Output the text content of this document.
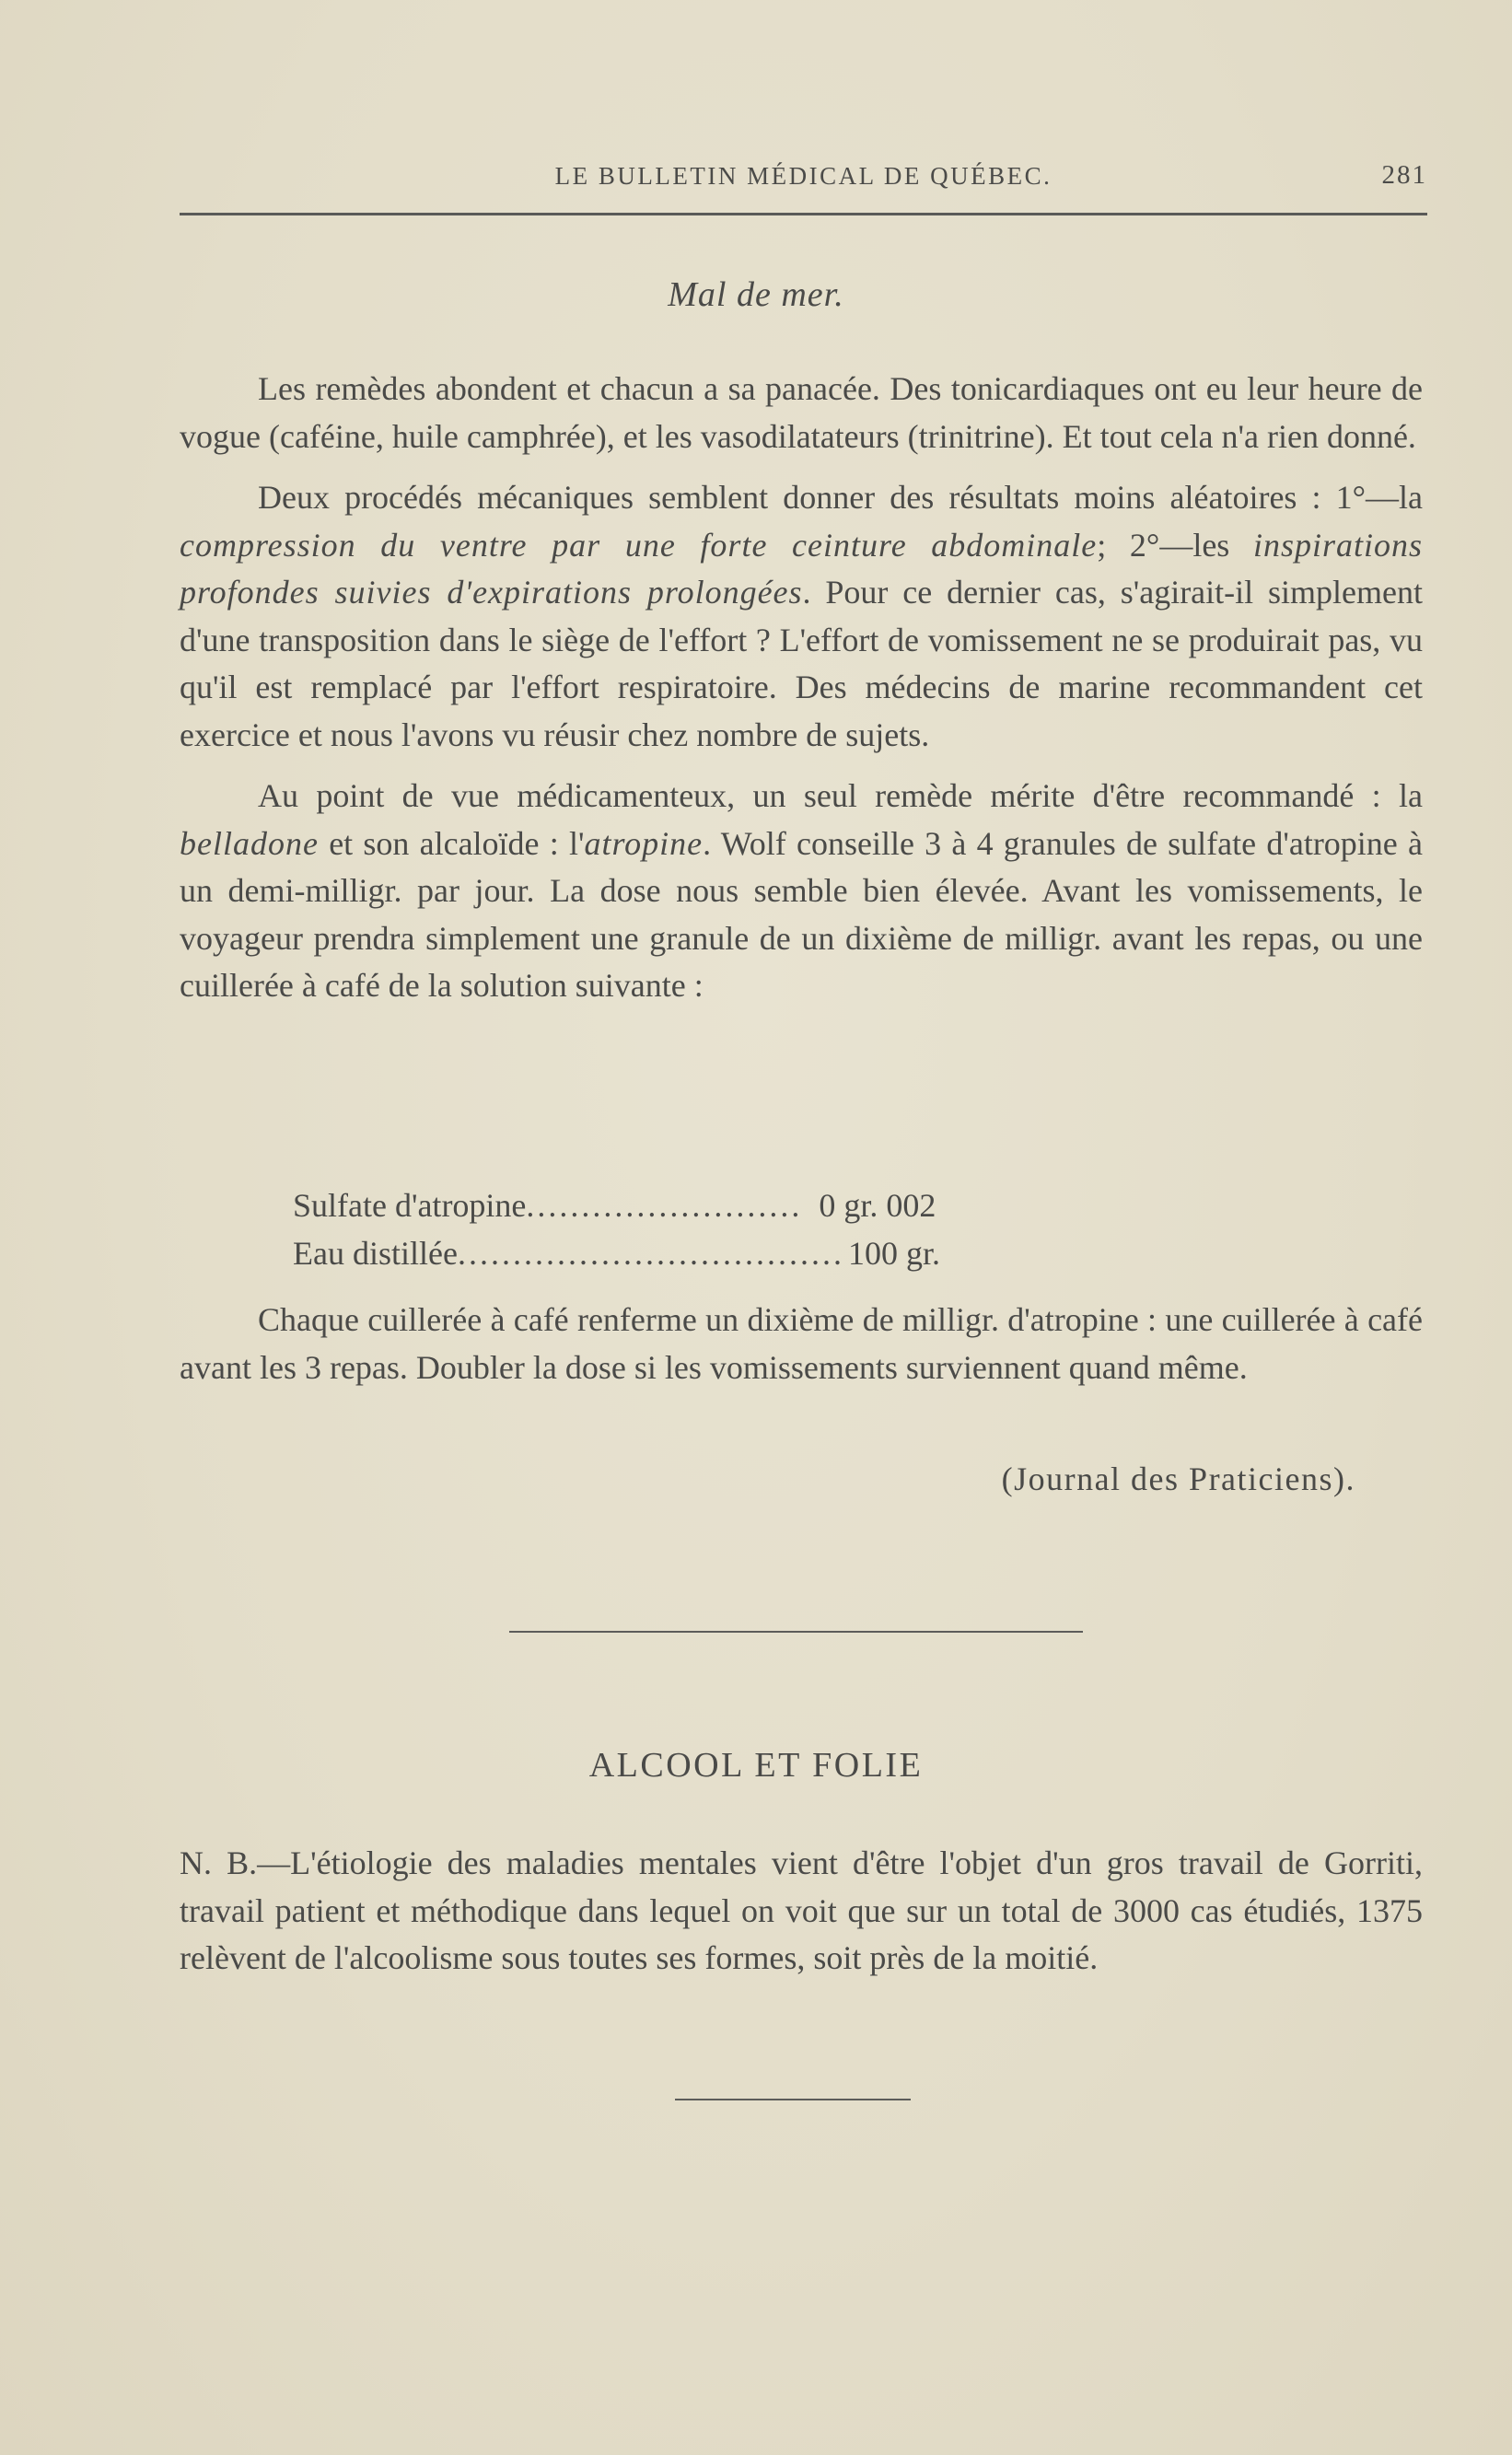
LE BULLETIN MÉDICAL DE QUÉBEC.	281
Mal de mer.

Les remèdes abondent et chacun a sa panacée. Des tonicardiaques ont eu leur heure de vogue (caféine, huile camphrée), et les vasodilatateurs (trinitrine). Et tout cela n'a rien donné.

Deux procédés mécaniques semblent donner des résultats moins aléatoires : 1°—la compression du ventre par une forte ceinture abdominale; 2°—les inspirations profondes suivies d'expirations prolongées. Pour ce dernier cas, s'agirait-il simplement d'une transposition dans le siège de l'effort ? L'effort de vomissement ne se produirait pas, vu qu'il est remplacé par l'effort respiratoire. Des médecins de marine recommandent cet exercice et nous l'avons vu réusir chez nombre de sujets.

Au point de vue médicamenteux, un seul remède mérite d'être recommandé : la belladone et son alcaloïde : l'atropine. Wolf conseille 3 à 4 granules de sulfate d'atropine à un demi-milligr. par jour. La dose nous semble bien élevée. Avant les vomissements, le voyageur prendra simplement une granule de un dixième de milligr. avant les repas, ou une cuillerée à café de la solution suivante :

Sulfate d'atropine ......................... 0 gr. 002
Eau distillée ................................... 100 gr.

Chaque cuillerée à café renferme un dixième de milligr. d'atropine : une cuillerée à café avant les 3 repas. Doubler la dose si les vomissements surviennent quand même.

(Journal des Praticiens).
ALCOOL ET FOLIE

N. B.—L'étiologie des maladies mentales vient d'être l'objet d'un gros travail de Gorriti, travail patient et méthodique dans lequel on voit que sur un total de 3000 cas étudiés, 1375 relèvent de l'alcoolisme sous toutes ses formes, soit près de la moitié.
